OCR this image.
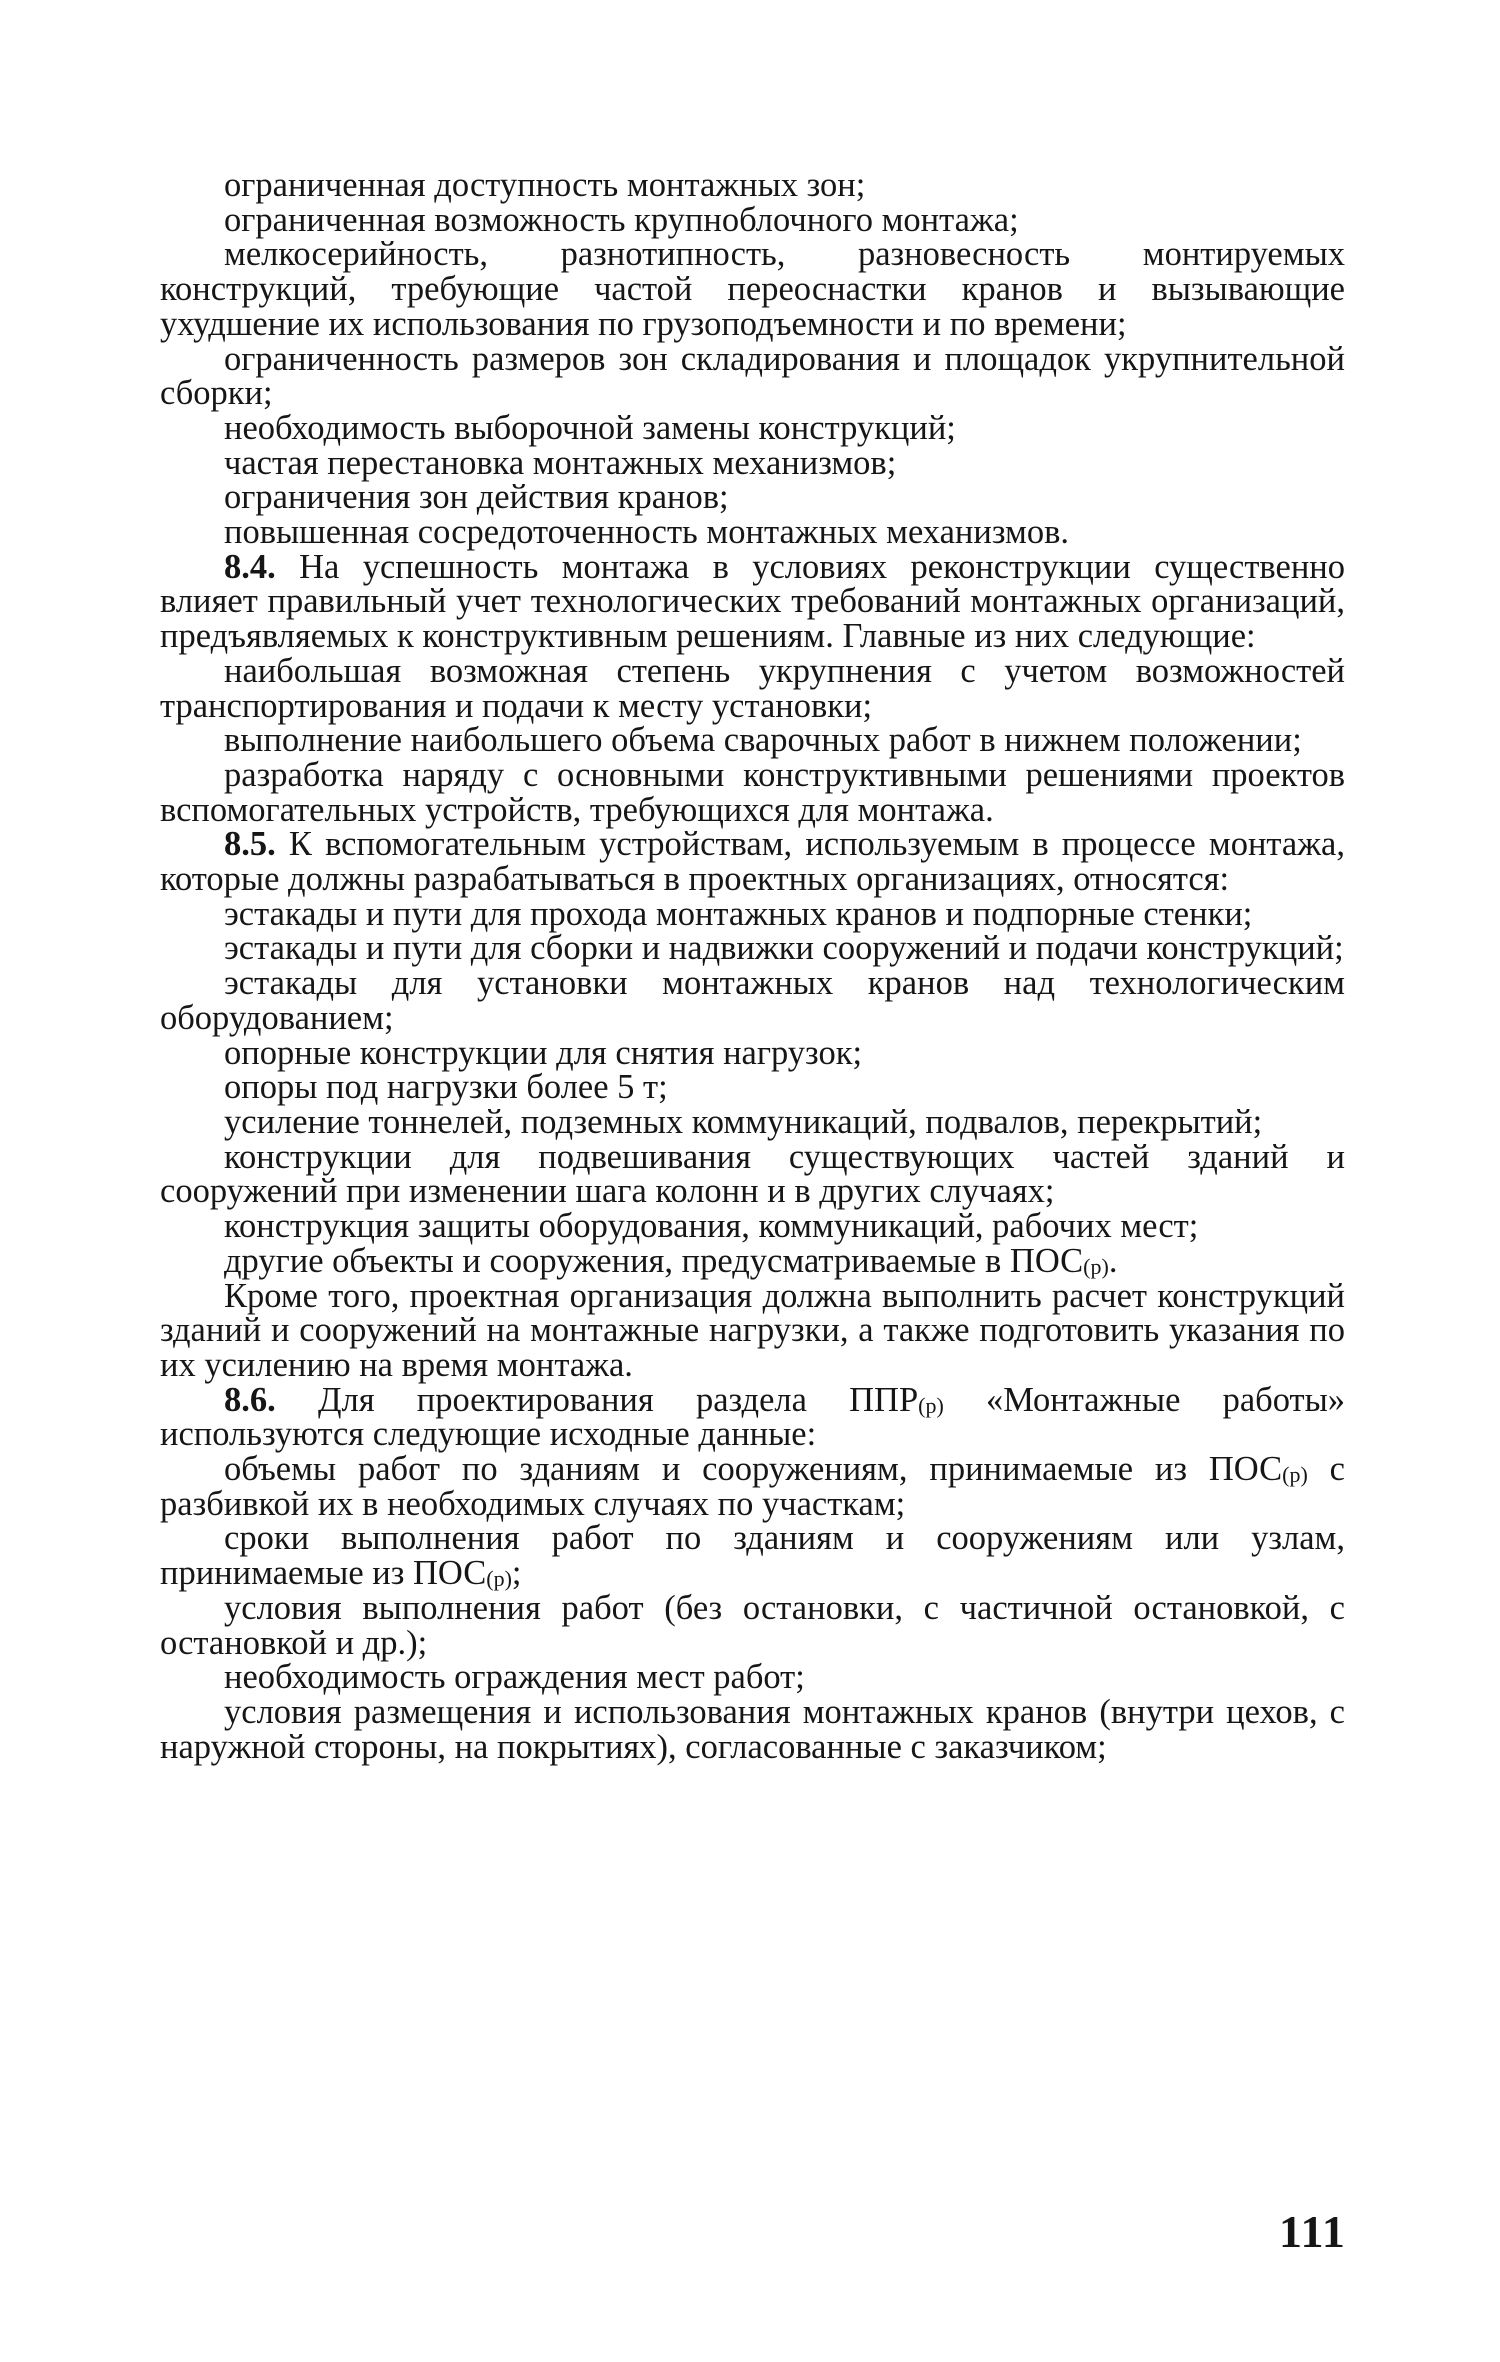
ограниченная доступность монтажных зон;

ограниченная возможность крупноблочного монтажа;

мелкосерийность, разнотипность, разновесность монтируемых конструкций, требующие частой переоснастки кранов и вызывающие ухудшение их использования по грузоподъемности и по времени;

ограниченность размеров зон складирования и площадок укрупнительной сборки;

необходимость выборочной замены конструкций;

частая перестановка монтажных механизмов;

ограничения зон действия кранов;

повышенная сосредоточенность монтажных механизмов.

8.4. На успешность монтажа в условиях реконструкции существенно влияет правильный учет технологических требований монтажных организаций, предъявляемых к конструктивным решениям. Главные из них следующие:

наибольшая возможная степень укрупнения с учетом возможностей транспортирования и подачи к месту установки;

выполнение наибольшего объема сварочных работ в нижнем положении;

разработка наряду с основными конструктивными решениями проектов вспомогательных устройств, требующихся для монтажа.

8.5. К вспомогательным устройствам, используемым в процессе монтажа, которые должны разрабатываться в проектных организациях, относятся:

эстакады и пути для прохода монтажных кранов и подпорные стенки;

эстакады и пути для сборки и надвижки сооружений и подачи конструкций;

эстакады для установки монтажных кранов над технологическим оборудованием;

опорные конструкции для снятия нагрузок;

опоры под нагрузки более 5 т;

усиление тоннелей, подземных коммуникаций, подвалов, перекрытий;

конструкции для подвешивания существующих частей зданий и сооружений при изменении шага колонн и в других случаях;

конструкция защиты оборудования, коммуникаций, рабочих мест;

другие объекты и сооружения, предусматриваемые в $ПОС_{(р)}$.

Кроме того, проектная организация должна выполнить расчет конструкций зданий и сооружений на монтажные нагрузки, а также подготовить указания по их усилению на время монтажа.

8.6. Для проектирования раздела $ППР_{(р)}$ «Монтажные работы» используются следующие исходные данные:

объемы работ по зданиям и сооружениям, принимаемые из $ПОС_{(р)}$ с разбивкой их в необходимых случаях по участкам;

сроки выполнения работ по зданиям и сооружениям или узлам, принимаемые из $ПОС_{(р)}$;

условия выполнения работ (без остановки, с частичной остановкой, с остановкой и др.);

необходимость ограждения мест работ;

условия размещения и использования монтажных кранов (внутри цехов, с наружной стороны, на покрытиях), согласованные с заказчиком;

111
